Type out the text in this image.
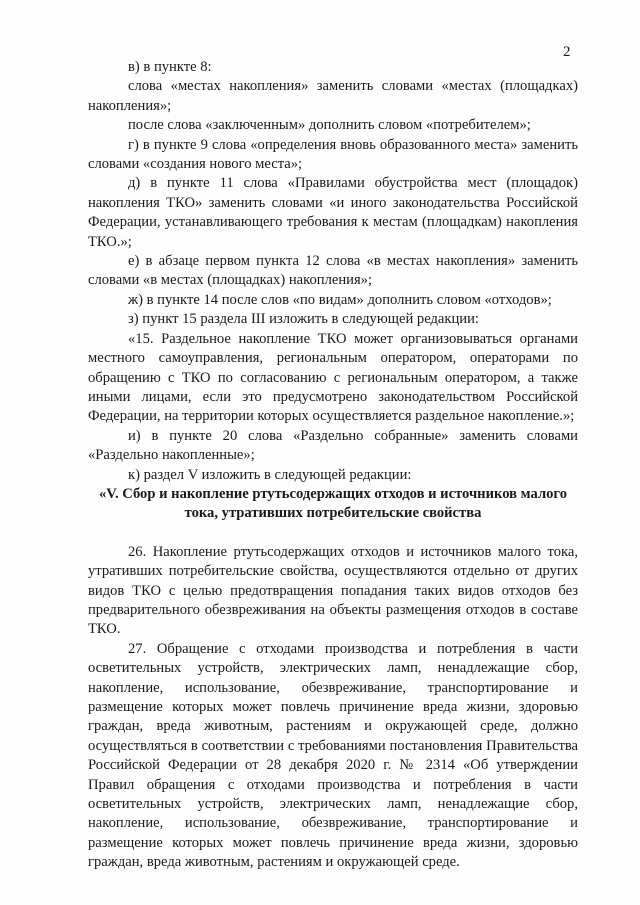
2

в) в пункте 8:

слова «местах накопления» заменить словами «местах (площадках) накопления»;

после слова «заключенным» дополнить словом «потребителем»;

г) в пункте 9 слова «определения вновь образованного места» заменить словами «создания нового места»;

д) в пункте 11 слова «Правилами обустройства мест (площадок) накопления ТКО» заменить словами «и иного законодательства Российской Федерации, устанавливающего требования к местам (площадкам) накопления ТКО.»;

е) в абзаце первом пункта 12 слова «в местах накопления» заменить словами «в местах (площадках) накопления»;

ж) в пункте 14 после слов «по видам» дополнить словом «отходов»;

з) пункт 15 раздела III изложить в следующей редакции:

«15. Раздельное накопление ТКО может организовываться органами местного самоуправления, региональным оператором, операторами по обращению с ТКО по согласованию с региональным оператором, а также иными лицами, если это предусмотрено законодательством Российской Федерации, на территории которых осуществляется раздельное накопление.»;

и) в пункте 20 слова «Раздельно собранные» заменить словами «Раздельно накопленные»;

к) раздел V изложить в следующей редакции:

«V. Сбор и накопление ртутьсодержащих отходов и источников малого тока, утративших потребительские свойства

26. Накопление ртутьсодержащих отходов и источников малого тока, утративших потребительские свойства, осуществляются отдельно от других видов ТКО с целью предотвращения попадания таких видов отходов без предварительного обезвреживания на объекты размещения отходов в составе ТКО.

27. Обращение с отходами производства и потребления в части осветительных устройств, электрических ламп, ненадлежащие сбор, накопление, использование, обезвреживание, транспортирование и размещение которых может повлечь причинение вреда жизни, здоровью граждан, вреда животным, растениям и окружающей среде, должно осуществляться в соответствии с требованиями постановления Правительства Российской Федерации от 28 декабря 2020 г. № 2314 «Об утверждении Правил обращения с отходами производства и потребления в части осветительных устройств, электрических ламп, ненадлежащие сбор, накопление, использование, обезвреживание, транспортирование и размещение которых может повлечь причинение вреда жизни, здоровью граждан, вреда животным, растениям и окружающей среде.
